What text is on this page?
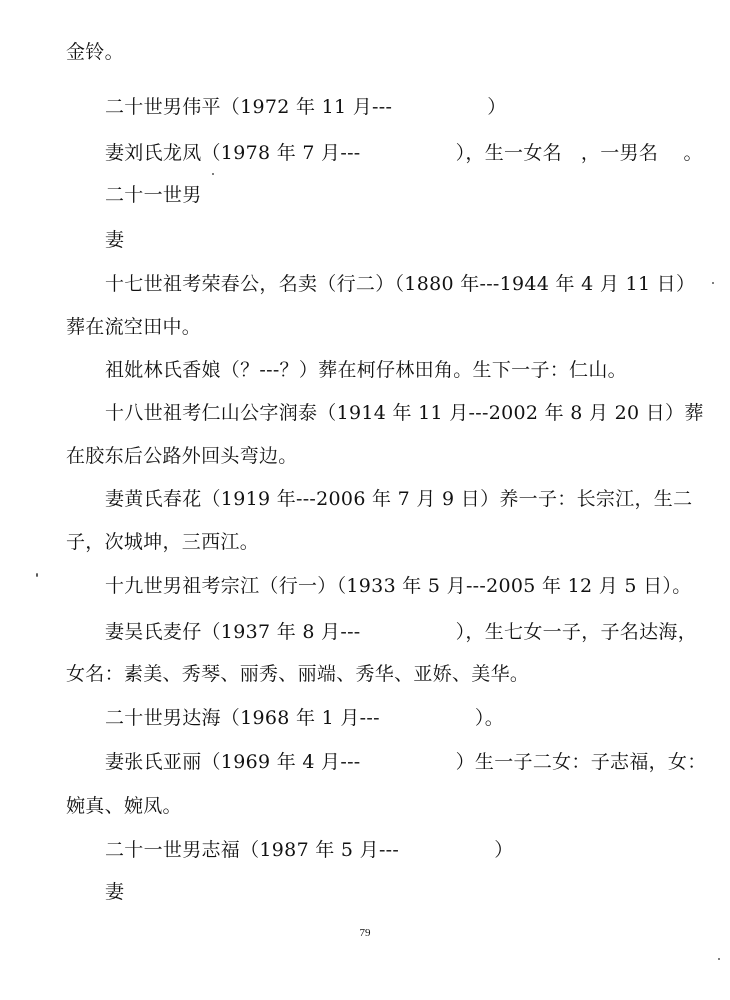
金铃。
二十世男伟平（1972 年 11 月---               ）
妻刘氏龙凤（1978 年 7 月---               ），生一女名   ，一男名    。
二十一世男
妻
十七世祖考荣春公，名卖（行二）（1880 年---1944 年 4 月 11 日）
葬在流空田中。
祖妣林氏香娘（？---？）葬在柯仔林田角。生下一子：仁山。
十八世祖考仁山公字润泰（1914 年 11 月---2002 年 8 月 20 日）葬
在胶东后公路外回头弯边。
妻黄氏春花（1919 年---2006 年 7 月 9 日）养一子：长宗江，生二
子，次城坤，三西江。
十九世男祖考宗江（行一）（1933 年 5 月---2005 年 12 月 5 日）。
妻吴氏麦仔（1937 年 8 月---               ），生七女一子，子名达海，
女名：素美、秀琴、丽秀、丽端、秀华、亚娇、美华。
二十世男达海（1968 年 1 月---               ）。
妻张氏亚丽（1969 年 4 月---               ）生一子二女：子志福，女：
婉真、婉凤。
二十一世男志福（1987 年 5 月---               ）
妻
79
